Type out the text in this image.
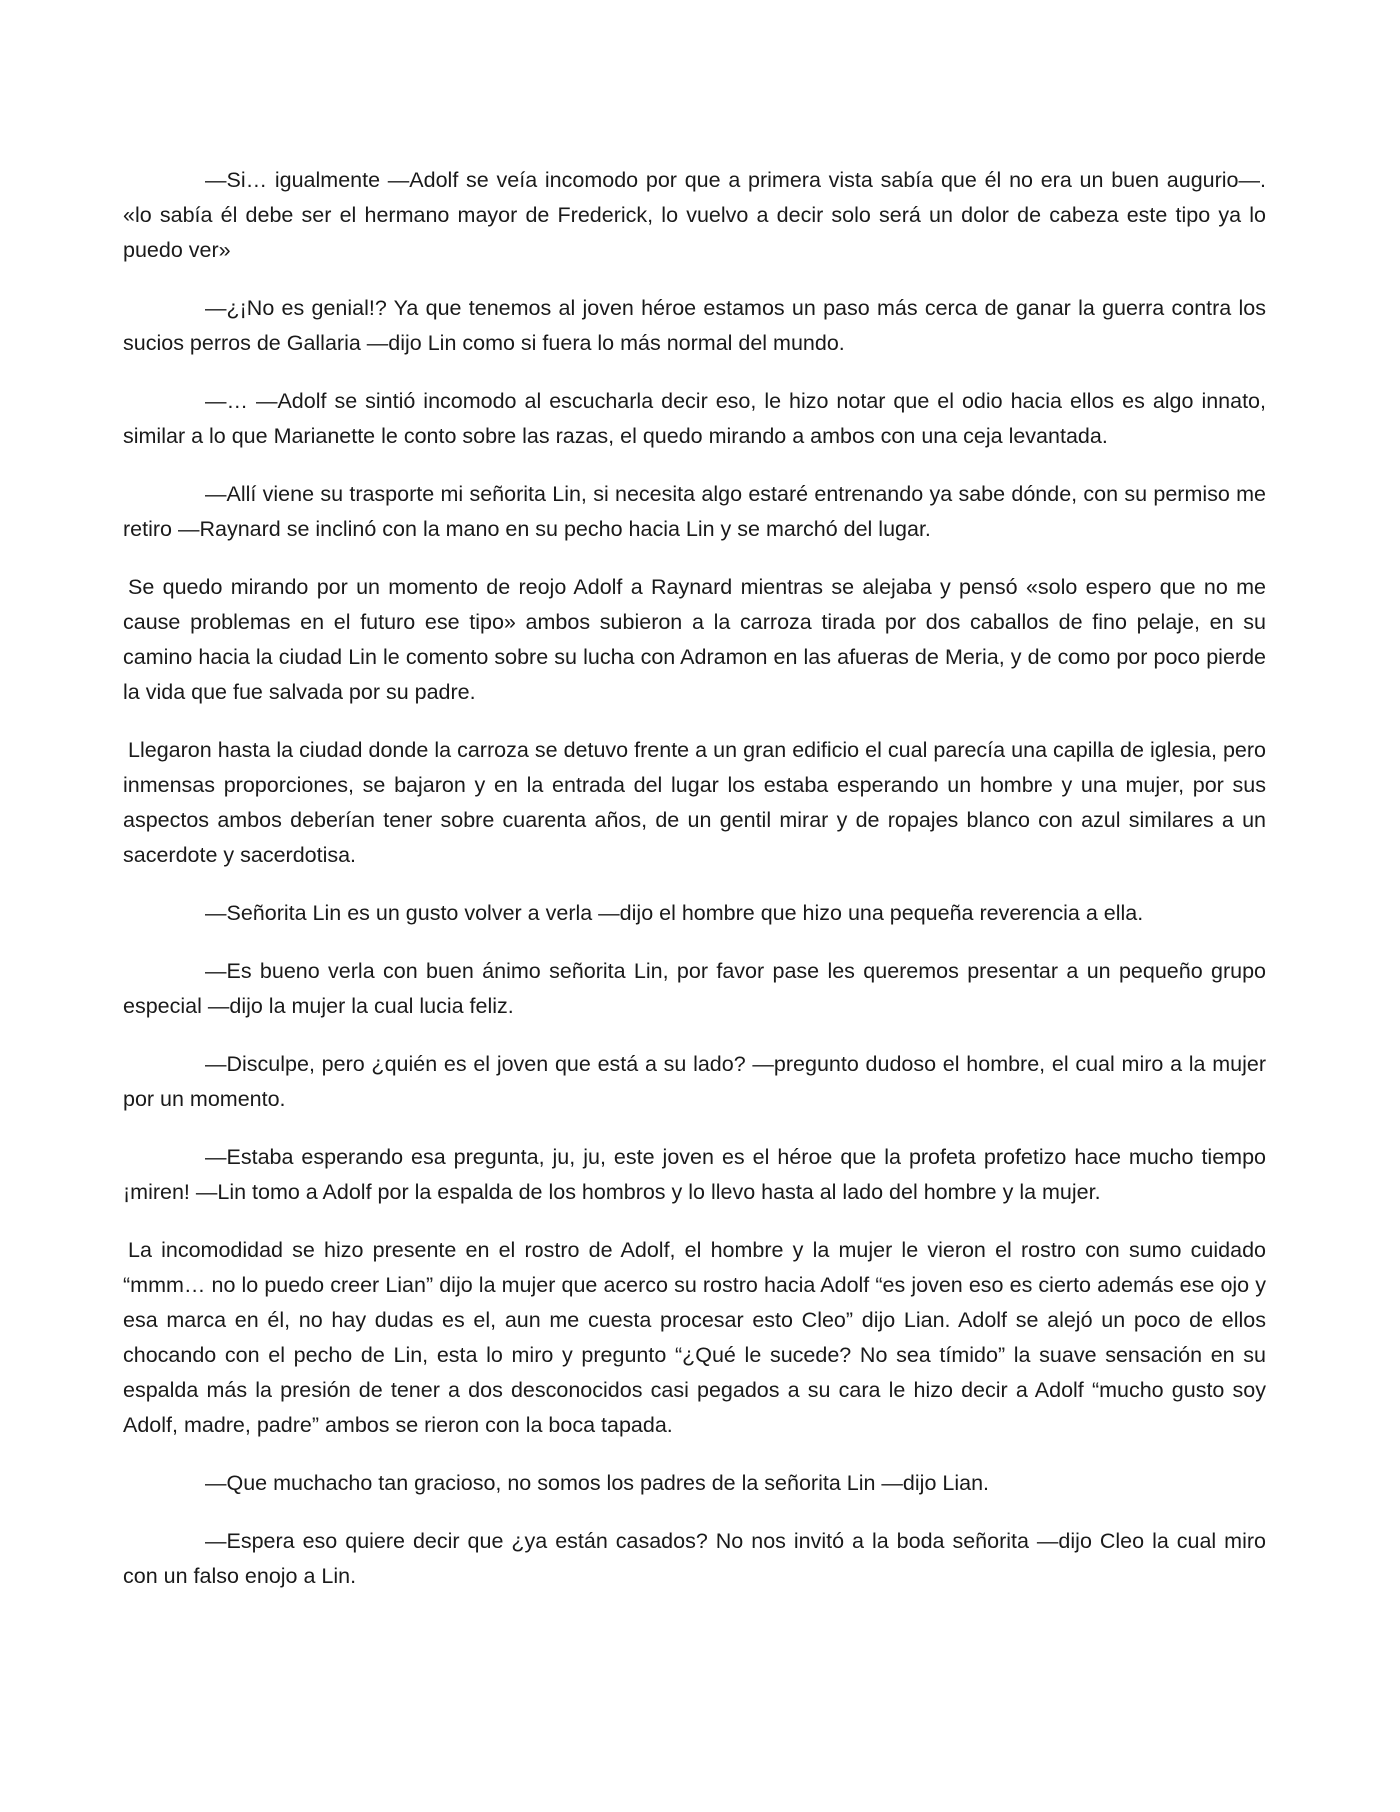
—Si… igualmente —Adolf se veía incomodo por que a primera vista sabía que él no era un buen augurio—. «lo sabía él debe ser el hermano mayor de Frederick, lo vuelvo a decir solo será un dolor de cabeza este tipo ya lo puedo ver»

—¿¡No es genial!? Ya que tenemos al joven héroe estamos un paso más cerca de ganar la guerra contra los sucios perros de Gallaria —dijo Lin como si fuera lo más normal del mundo.

—… —Adolf se sintió incomodo al escucharla decir eso, le hizo notar que el odio hacia ellos es algo innato, similar a lo que Marianette le conto sobre las razas, el quedo mirando a ambos con una ceja levantada.

—Allí viene su trasporte mi señorita Lin, si necesita algo estaré entrenando ya sabe dónde, con su permiso me retiro —Raynard se inclinó con la mano en su pecho hacia Lin y se marchó del lugar.

Se quedo mirando por un momento de reojo Adolf a Raynard mientras se alejaba y pensó «solo espero que no me cause problemas en el futuro ese tipo» ambos subieron a la carroza tirada por dos caballos de fino pelaje, en su camino hacia la ciudad Lin le comento sobre su lucha con Adramon en las afueras de Meria, y de como por poco pierde la vida que fue salvada por su padre.

Llegaron hasta la ciudad donde la carroza se detuvo frente a un gran edificio el cual parecía una capilla de iglesia, pero inmensas proporciones, se bajaron y en la entrada del lugar los estaba esperando un hombre y una mujer, por sus aspectos ambos deberían tener sobre cuarenta años, de un gentil mirar y de ropajes blanco con azul similares a un sacerdote y sacerdotisa.

—Señorita Lin es un gusto volver a verla —dijo el hombre que hizo una pequeña reverencia a ella.

—Es bueno verla con buen ánimo señorita Lin, por favor pase les queremos presentar a un pequeño grupo especial —dijo la mujer la cual lucia feliz.

—Disculpe, pero ¿quién es el joven que está a su lado? —pregunto dudoso el hombre, el cual miro a la mujer por un momento.

—Estaba esperando esa pregunta, ju, ju, este joven es el héroe que la profeta profetizo hace mucho tiempo ¡miren! —Lin tomo a Adolf por la espalda de los hombros y lo llevo hasta al lado del hombre y la mujer.

La incomodidad se hizo presente en el rostro de Adolf, el hombre y la mujer le vieron el rostro con sumo cuidado “mmm… no lo puedo creer Lian” dijo la mujer que acerco su rostro hacia Adolf “es joven eso es cierto además ese ojo y esa marca en él, no hay dudas es el, aun me cuesta procesar esto Cleo” dijo Lian. Adolf se alejó un poco de ellos chocando con el pecho de Lin, esta lo miro y pregunto “¿Qué le sucede? No sea tímido” la suave sensación en su espalda más la presión de tener a dos desconocidos casi pegados a su cara le hizo decir a Adolf “mucho gusto soy Adolf, madre, padre” ambos se rieron con la boca tapada.

—Que muchacho tan gracioso, no somos los padres de la señorita Lin —dijo Lian.

—Espera eso quiere decir que ¿ya están casados? No nos invitó a la boda señorita —dijo Cleo la cual miro con un falso enojo a Lin.
